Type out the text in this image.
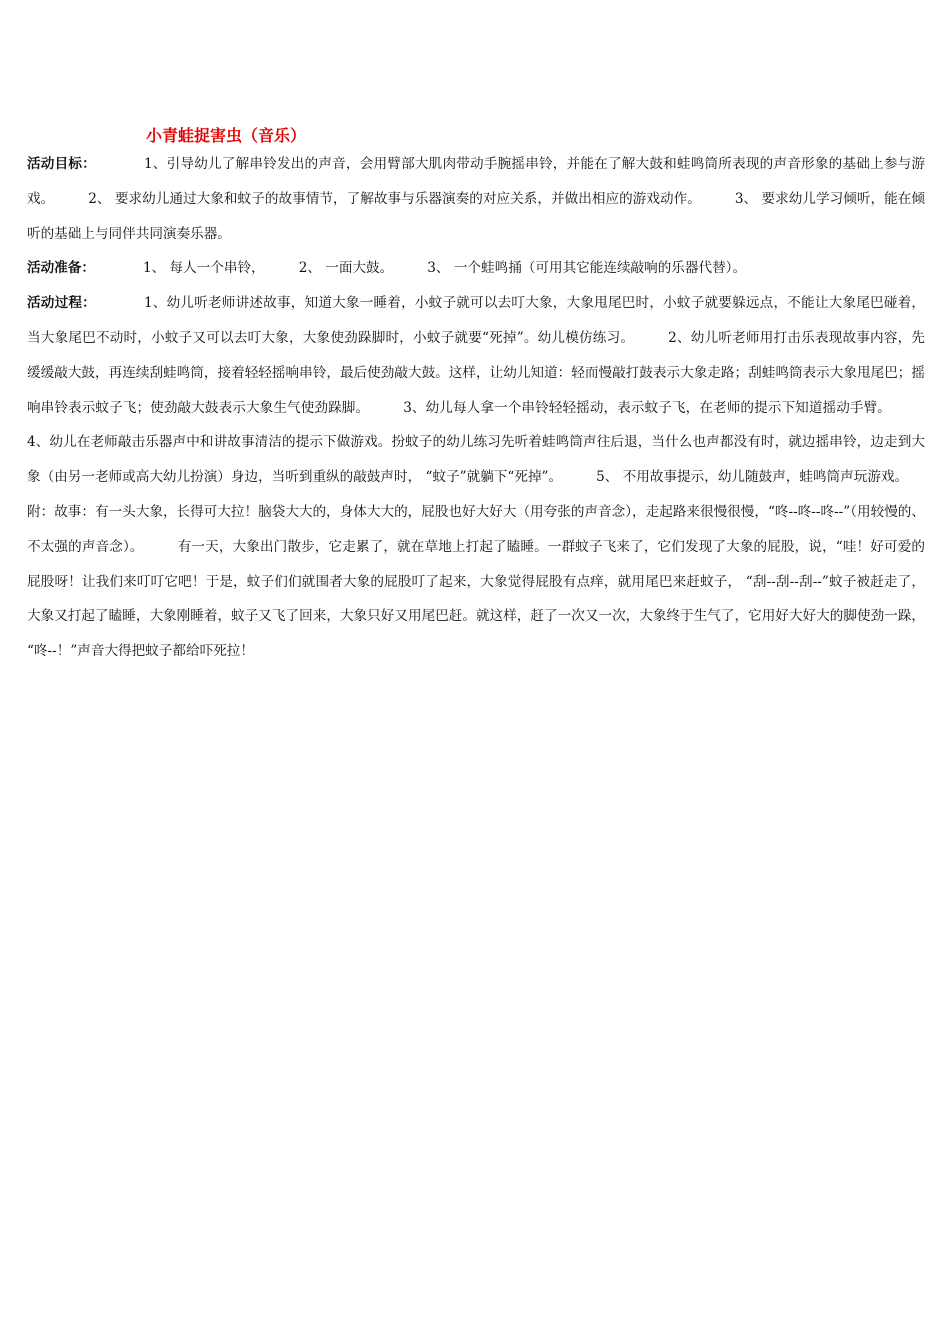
小青蛙捉害虫（音乐）

活动目标：	1、引导幼儿了解串铃发出的声音，会用臂部大肌肉带动手腕摇串铃，并能在了解大鼓和蛙鸣筒所表现的声音形象的基础上参与游戏。	2、 要求幼儿通过大象和蚊子的故事情节，了解故事与乐器演奏的对应关系，并做出相应的游戏动作。	3、 要求幼儿学习倾听，能在倾听的基础上与同伴共同演奏乐器。

活动准备：	1、 每人一个串铃，	2、 一面大鼓。	3、 一个蛙鸣捅（可用其它能连续敲响的乐器代替）。

活动过程：	1、幼儿听老师讲述故事，知道大象一睡着，小蚊子就可以去叮大象，大象甩尾巴时，小蚊子就要躲远点，不能让大象尾巴碰着，当大象尾巴不动时，小蚊子又可以去叮大象，大象使劲跺脚时，小蚊子就要“死掉”。幼儿模仿练习。	2、幼儿听老师用打击乐表现故事内容，先缓缓敲大鼓，再连续刮蛙鸣筒，接着轻轻摇响串铃，最后使劲敲大鼓。这样，让幼儿知道：轻而慢敲打鼓表示大象走路；刮蛙鸣筒表示大象甩尾巴；摇响串铃表示蚊子飞；使劲敲大鼓表示大象生气使劲跺脚。	3、幼儿每人拿一个串铃轻轻摇动，表示蚊子飞，在老师的提示下知道摇动手臂。4、幼儿在老师敲击乐器声中和讲故事清洁的提示下做游戏。扮蚊子的幼儿练习先听着蛙鸣筒声往后退，当什么也声都没有时，就边摇串铃，边走到大象（由另一老师或高大幼儿扮演）身边，当听到重纵的敲鼓声时， “蚊子”就躺下“死掉”。	5、 不用故事提示，幼儿随鼓声，蛙鸣筒声玩游戏。

附：故事：有一头大象，长得可大拉！脑袋大大的，身体大大的，屁股也好大好大（用夸张的声音念），走起路来很慢很慢，“咚--咚--咚--”（用较慢的、不太强的声音念）。	有一天，大象出门散步，它走累了，就在草地上打起了瞌睡。一群蚊子飞来了，它们发现了大象的屁股，说，“哇！好可爱的屁股呀！让我们来叮叮它吧！于是，蚊子们们就围者大象的屁股叮了起来，大象觉得屁股有点痒，就用尾巴来赶蚊子， “刮--刮--刮--”蚊子被赶走了，大象又打起了瞌睡，大象刚睡着，蚊子又飞了回来，大象只好又用尾巴赶。就这样，赶了一次又一次，大象终于生气了，它用好大好大的脚使劲一跺， “咚--！”声音大得把蚊子都给吓死拉！
